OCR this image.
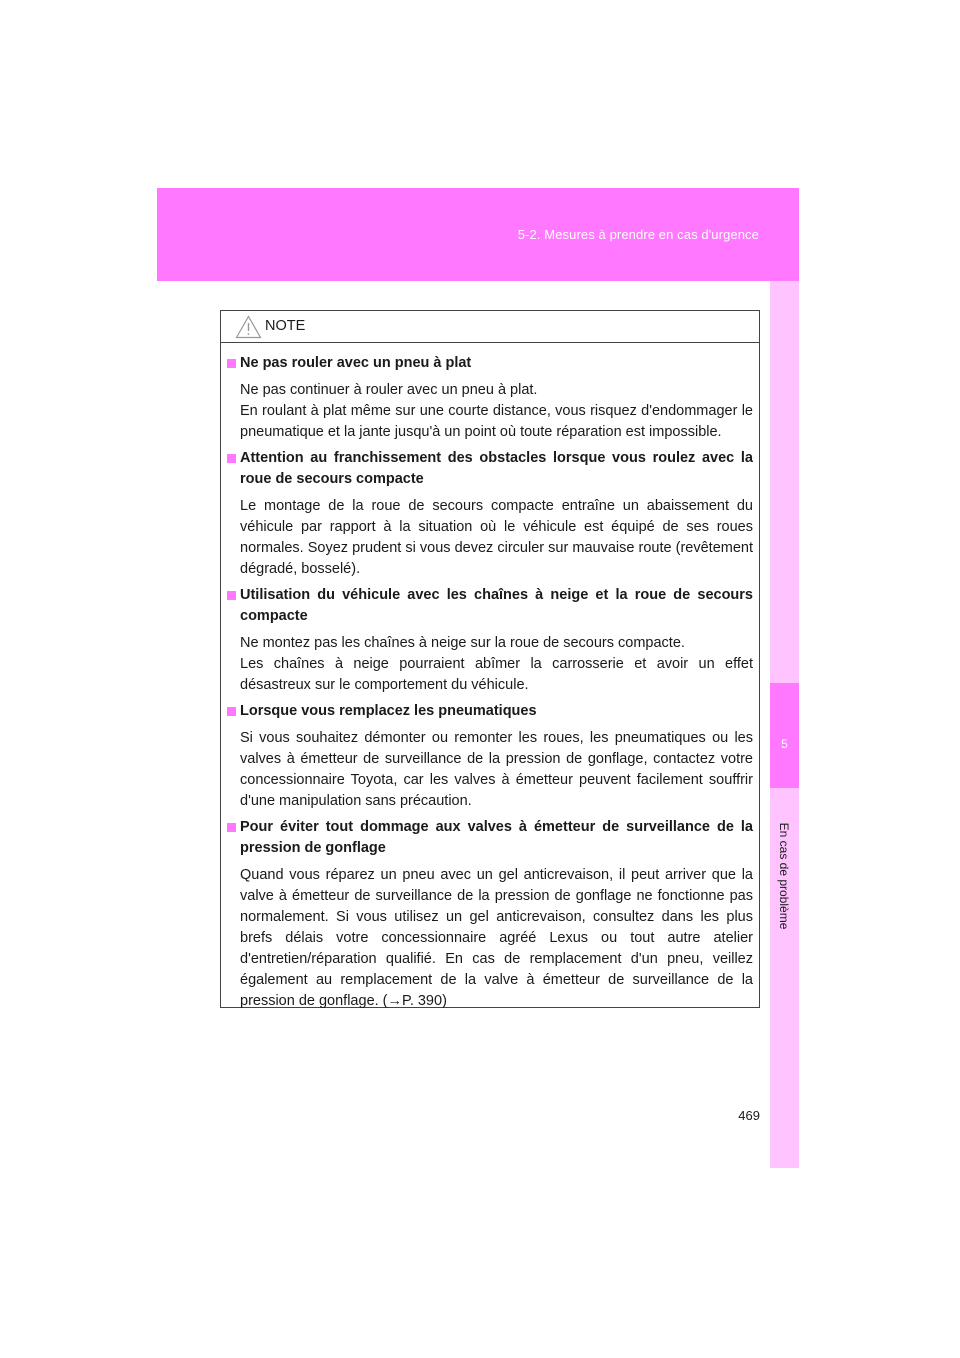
5-2. Mesures à prendre en cas d'urgence
5
En cas de problème
NOTE
Ne pas rouler avec un pneu à plat
Ne pas continuer à rouler avec un pneu à plat.
En roulant à plat même sur une courte distance, vous risquez d'endommager le pneumatique et la jante jusqu'à un point où toute réparation est impossible.
Attention au franchissement des obstacles lorsque vous roulez avec la roue de secours compacte
Le montage de la roue de secours compacte entraîne un abaissement du véhicule par rapport à la situation où le véhicule est équipé de ses roues normales. Soyez prudent si vous devez circuler sur mauvaise route (revêtement dégradé, bosselé).
Utilisation du véhicule avec les chaînes à neige et la roue de secours compacte
Ne montez pas les chaînes à neige sur la roue de secours compacte.
Les chaînes à neige pourraient abîmer la carrosserie et avoir un effet désastreux sur le comportement du véhicule.
Lorsque vous remplacez les pneumatiques
Si vous souhaitez démonter ou remonter les roues, les pneumatiques ou les valves à émetteur de surveillance de la pression de gonflage, contactez votre concessionnaire Toyota, car les valves à émetteur peuvent facilement souffrir d'une manipulation sans précaution.
Pour éviter tout dommage aux valves à émetteur de surveillance de la pression de gonflage
Quand vous réparez un pneu avec un gel anticrevaison, il peut arriver que la valve à émetteur de surveillance de la pression de gonflage ne fonctionne pas normalement. Si vous utilisez un gel anticrevaison, consultez dans les plus brefs délais votre concessionnaire agréé Lexus ou tout autre atelier d'entretien/réparation qualifié. En cas de remplacement d'un pneu, veillez également au remplacement de la valve à émetteur de surveillance de la pression de gonflage. (→P. 390)
469
